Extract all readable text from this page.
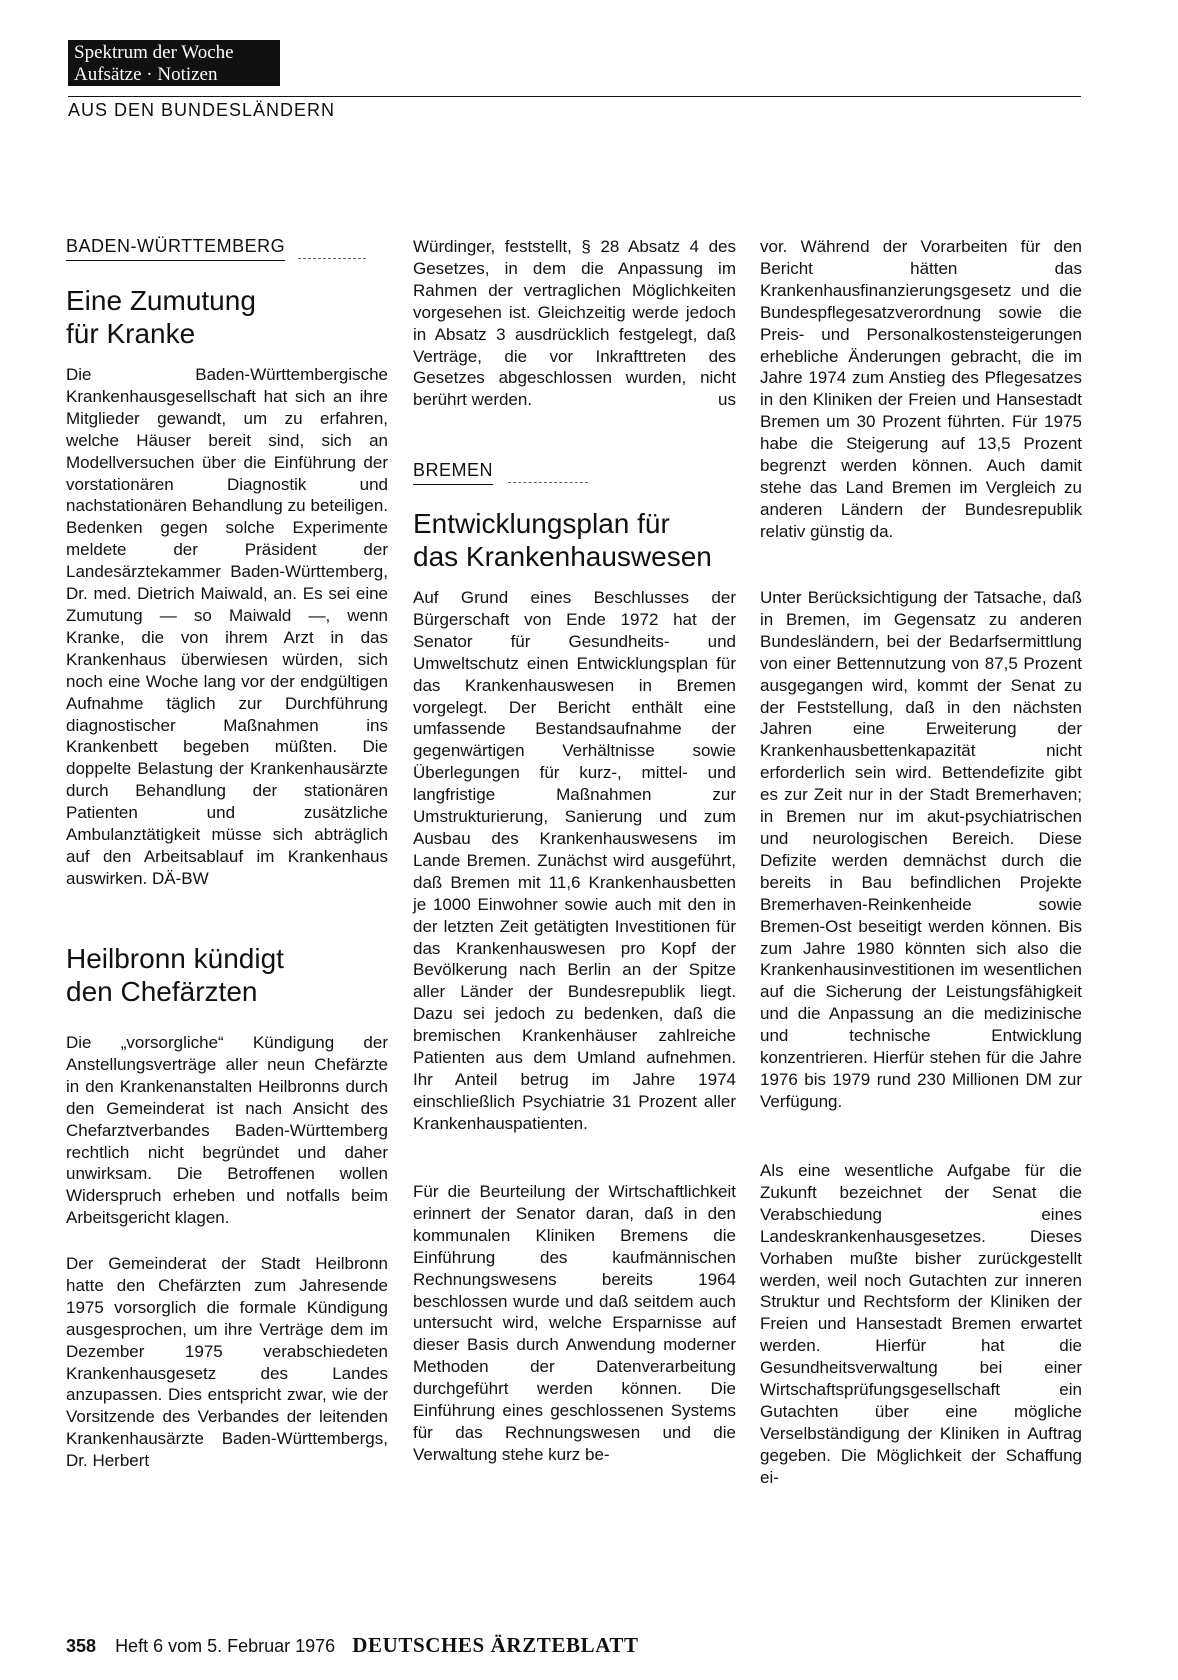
Spektrum der Woche
Aufsätze · Notizen
AUS DEN BUNDESLÄNDERN
BADEN-WÜRTTEMBERG
Eine Zumutung
für Kranke

Die Baden-Württembergische Krankenhausgesellschaft hat sich an ihre Mitglieder gewandt, um zu erfahren, welche Häuser bereit sind, sich an Modellversuchen über die Einführung der vorstationären Diagnostik und nachstationären Behandlung zu beteiligen. Bedenken gegen solche Experimente meldete der Präsident der Landesärztekammer Baden-Württemberg, Dr. med. Dietrich Maiwald, an. Es sei eine Zumutung — so Maiwald —, wenn Kranke, die von ihrem Arzt in das Krankenhaus überwiesen würden, sich noch eine Woche lang vor der endgültigen Aufnahme täglich zur Durchführung diagnostischer Maßnahmen ins Krankenbett begeben müßten. Die doppelte Belastung der Krankenhausärzte durch Behandlung der stationären Patienten und zusätzliche Ambulanztätigkeit müsse sich abträglich auf den Arbeitsablauf im Krankenhaus auswirken. DÄ-BW

Heilbronn kündigt
den Chefärzten

Die „vorsorgliche“ Kündigung der Anstellungsverträge aller neun Chefärzte in den Krankenanstalten Heilbronns durch den Gemeinderat ist nach Ansicht des Chefarztverbandes Baden-Württemberg rechtlich nicht begründet und daher unwirksam. Die Betroffenen wollen Widerspruch erheben und notfalls beim Arbeitsgericht klagen.

Der Gemeinderat der Stadt Heilbronn hatte den Chefärzten zum Jahresende 1975 vorsorglich die formale Kündigung ausgesprochen, um ihre Verträge dem im Dezember 1975 verabschiedeten Krankenhausgesetz des Landes anzupassen. Dies entspricht zwar, wie der Vorsitzende des Verbandes der leitenden Krankenhausärzte Baden-Württembergs, Dr. Herbert

Würdinger, feststellt, § 28 Absatz 4 des Gesetzes, in dem die Anpassung im Rahmen der vertraglichen Möglichkeiten vorgesehen ist. Gleichzeitig werde jedoch in Absatz 3 ausdrücklich festgelegt, daß Verträge, die vor Inkrafttreten des Gesetzes abgeschlossen wurden, nicht berührt werden.	us

BREMEN
Entwicklungsplan für
das Krankenhauswesen

Auf Grund eines Beschlusses der Bürgerschaft von Ende 1972 hat der Senator für Gesundheits- und Umweltschutz einen Entwicklungsplan für das Krankenhauswesen in Bremen vorgelegt. Der Bericht enthält eine umfassende Bestandsaufnahme der gegenwärtigen Verhältnisse sowie Überlegungen für kurz-, mittel- und langfristige Maßnahmen zur Umstrukturierung, Sanierung und zum Ausbau des Krankenhauswesens im Lande Bremen. Zunächst wird ausgeführt, daß Bremen mit 11,6 Krankenhausbetten je 1000 Einwohner sowie auch mit den in der letzten Zeit getätigten Investitionen für das Krankenhauswesen pro Kopf der Bevölkerung nach Berlin an der Spitze aller Länder der Bundesrepublik liegt. Dazu sei jedoch zu bedenken, daß die bremischen Krankenhäuser zahlreiche Patienten aus dem Umland aufnehmen. Ihr Anteil betrug im Jahre 1974 einschließlich Psychiatrie 31 Prozent aller Krankenhauspatienten.

Für die Beurteilung der Wirtschaftlichkeit erinnert der Senator daran, daß in den kommunalen Kliniken Bremens die Einführung des kaufmännischen Rechnungswesens bereits 1964 beschlossen wurde und daß seitdem auch untersucht wird, welche Ersparnisse auf dieser Basis durch Anwendung moderner Methoden der Datenverarbeitung durchgeführt werden können. Die Einführung eines geschlossenen Systems für das Rechnungswesen und die Verwaltung stehe kurz be-

vor. Während der Vorarbeiten für den Bericht hätten das Krankenhausfinanzierungsgesetz und die Bundespflegesatzverordnung sowie die Preis- und Personalkostensteigerungen erhebliche Änderungen gebracht, die im Jahre 1974 zum Anstieg des Pflegesatzes in den Kliniken der Freien und Hansestadt Bremen um 30 Prozent führten. Für 1975 habe die Steigerung auf 13,5 Prozent begrenzt werden können. Auch damit stehe das Land Bremen im Vergleich zu anderen Ländern der Bundesrepublik relativ günstig da.

Unter Berücksichtigung der Tatsache, daß in Bremen, im Gegensatz zu anderen Bundesländern, bei der Bedarfsermittlung von einer Bettennutzung von 87,5 Prozent ausgegangen wird, kommt der Senat zu der Feststellung, daß in den nächsten Jahren eine Erweiterung der Krankenhausbettenkapazität nicht erforderlich sein wird. Bettendefizite gibt es zur Zeit nur in der Stadt Bremerhaven; in Bremen nur im akut-psychiatrischen und neurologischen Bereich. Diese Defizite werden demnächst durch die bereits in Bau befindlichen Projekte Bremerhaven-Reinkenheide sowie Bremen-Ost beseitigt werden können. Bis zum Jahre 1980 könnten sich also die Krankenhausinvestitionen im wesentlichen auf die Sicherung der Leistungsfähigkeit und die Anpassung an die medizinische und technische Entwicklung konzentrieren. Hierfür stehen für die Jahre 1976 bis 1979 rund 230 Millionen DM zur Verfügung.

Als eine wesentliche Aufgabe für die Zukunft bezeichnet der Senat die Verabschiedung eines Landeskrankenhausgesetzes. Dieses Vorhaben mußte bisher zurückgestellt werden, weil noch Gutachten zur inneren Struktur und Rechtsform der Kliniken der Freien und Hansestadt Bremen erwartet werden. Hierfür hat die Gesundheitsverwaltung bei einer Wirtschaftsprüfungsgesellschaft ein Gutachten über eine mögliche Verselbständigung der Kliniken in Auftrag gegeben. Die Möglichkeit der Schaffung ei-

358 Heft 6 vom 5. Februar 1976 DEUTSCHES ÄRZTEBLATT
